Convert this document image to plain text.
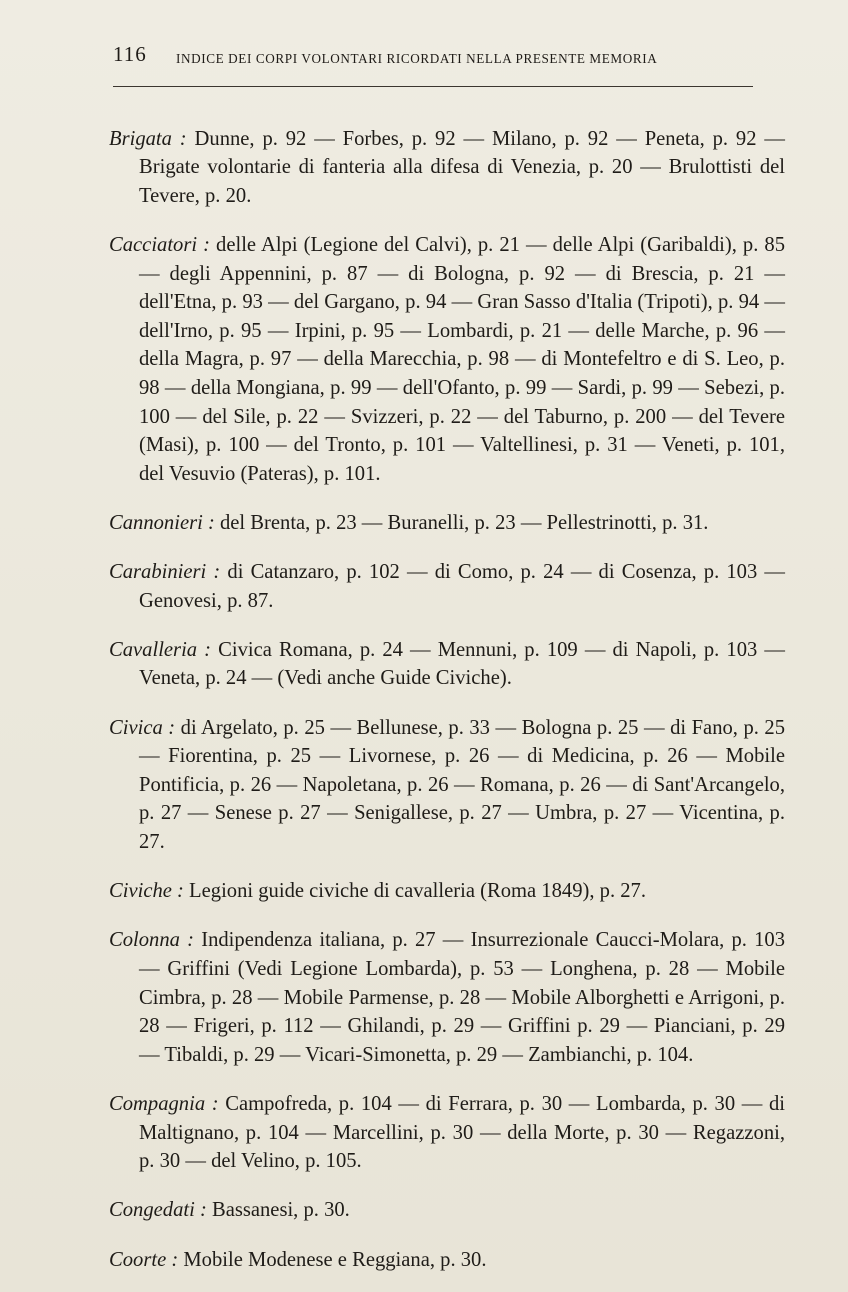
116 INDICE DEI CORPI VOLONTARI RICORDATI NELLA PRESENTE MEMORIA

Brigata : Dunne, p. 92 — Forbes, p. 92 — Milano, p. 92 — Peneta, p. 92 — Brigate volontarie di fanteria alla difesa di Venezia, p. 20 — Brulottisti del Tevere, p. 20.

Cacciatori : delle Alpi (Legione del Calvi), p. 21 — delle Alpi (Garibaldi), p. 85 — degli Appennini, p. 87 — di Bologna, p. 92 — di Brescia, p. 21 — dell'Etna, p. 93 — del Gargano, p. 94 — Gran Sasso d'Italia (Tripoti), p. 94 — dell'Irno, p. 95 — Irpini, p. 95 — Lombardi, p. 21 — delle Marche, p. 96 — della Magra, p. 97 — della Marecchia, p. 98 — di Montefeltro e di S. Leo, p. 98 — della Mongiana, p. 99 — dell'Ofanto, p. 99 — Sardi, p. 99 — Sebezi, p. 100 — del Sile, p. 22 — Svizzeri, p. 22 — del Taburno, p. 200 — del Tevere (Masi), p. 100 — del Tronto, p. 101 — Valtellinesi, p. 31 — Veneti, p. 101, del Vesuvio (Pateras), p. 101.

Cannonieri : del Brenta, p. 23 — Buranelli, p. 23 — Pellestrinotti, p. 31.

Carabinieri : di Catanzaro, p. 102 — di Como, p. 24 — di Cosenza, p. 103 — Genovesi, p. 87.

Cavalleria : Civica Romana, p. 24 — Mennuni, p. 109 — di Napoli, p. 103 — Veneta, p. 24 — (Vedi anche Guide Civiche).

Civica : di Argelato, p. 25 — Bellunese, p. 33 — Bologna p. 25 — di Fano, p. 25 — Fiorentina, p. 25 — Livornese, p. 26 — di Medicina, p. 26 — Mobile Pontificia, p. 26 — Napoletana, p. 26 — Romana, p. 26 — di Sant'Arcangelo, p. 27 — Senese p. 27 — Senigallese, p. 27 — Umbra, p. 27 — Vicentina, p. 27.

Civiche : Legioni guide civiche di cavalleria (Roma 1849), p. 27.

Colonna : Indipendenza italiana, p. 27 — Insurrezionale Caucci-Molara, p. 103 — Griffini (Vedi Legione Lombarda), p. 53 — Longhena, p. 28 — Mobile Cimbra, p. 28 — Mobile Parmense, p. 28 — Mobile Alborghetti e Arrigoni, p. 28 — Frigeri, p. 112 — Ghilandi, p. 29 — Griffini p. 29 — Pianciani, p. 29 — Tibaldi, p. 29 — Vicari-Simonetta, p. 29 — Zambianchi, p. 104.

Compagnia : Campofreda, p. 104 — di Ferrara, p. 30 — Lombarda, p. 30 — di Maltignano, p. 104 — Marcellini, p. 30 — della Morte, p. 30 — Regazzoni, p. 30 — del Velino, p. 105.

Congedati : Bassanesi, p. 30.

Coorte : Mobile Modenese e Reggiana, p. 30.
